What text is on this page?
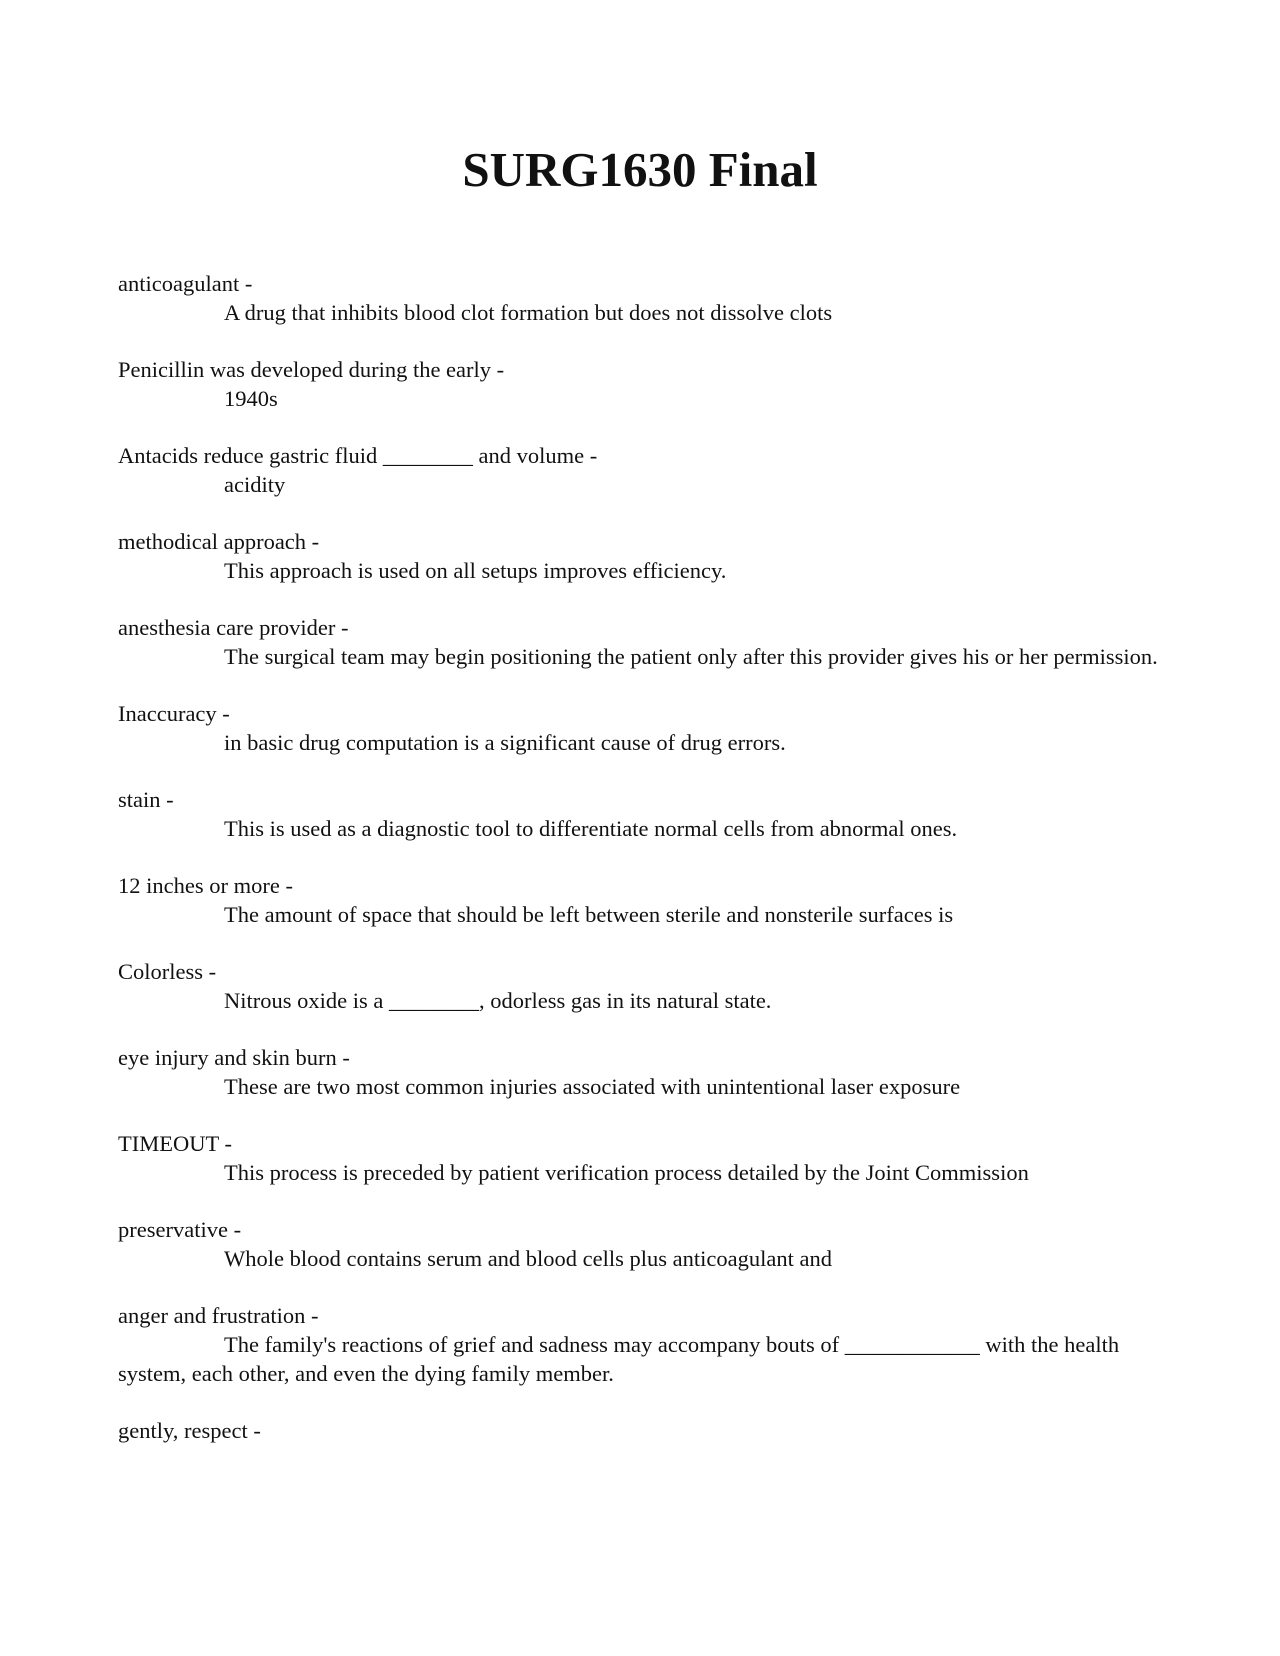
SURG1630 Final
anticoagulant -
A drug that inhibits blood clot formation but does not dissolve clots
Penicillin was developed during the early -
1940s
Antacids reduce gastric fluid ________ and volume -
acidity
methodical approach -
This approach is used on all setups improves efficiency.
anesthesia care provider -
The surgical team may begin positioning the patient only after this provider gives his or her permission.
Inaccuracy -
in basic drug computation is a significant cause of drug errors.
stain -
This is used as a diagnostic tool to differentiate normal cells from abnormal ones.
12 inches or more -
The amount of space that should be left between sterile and nonsterile surfaces is
Colorless -
Nitrous oxide is a ________, odorless gas in its natural state.
eye injury and skin burn -
These are two most common injuries associated with unintentional laser exposure
TIMEOUT -
This process is preceded by patient verification process detailed by the Joint Commission
preservative -
Whole blood contains serum and blood cells plus anticoagulant and
anger and frustration -
The family's reactions of grief and sadness may accompany bouts of ____________ with the health system, each other, and even the dying family member.
gently, respect -
